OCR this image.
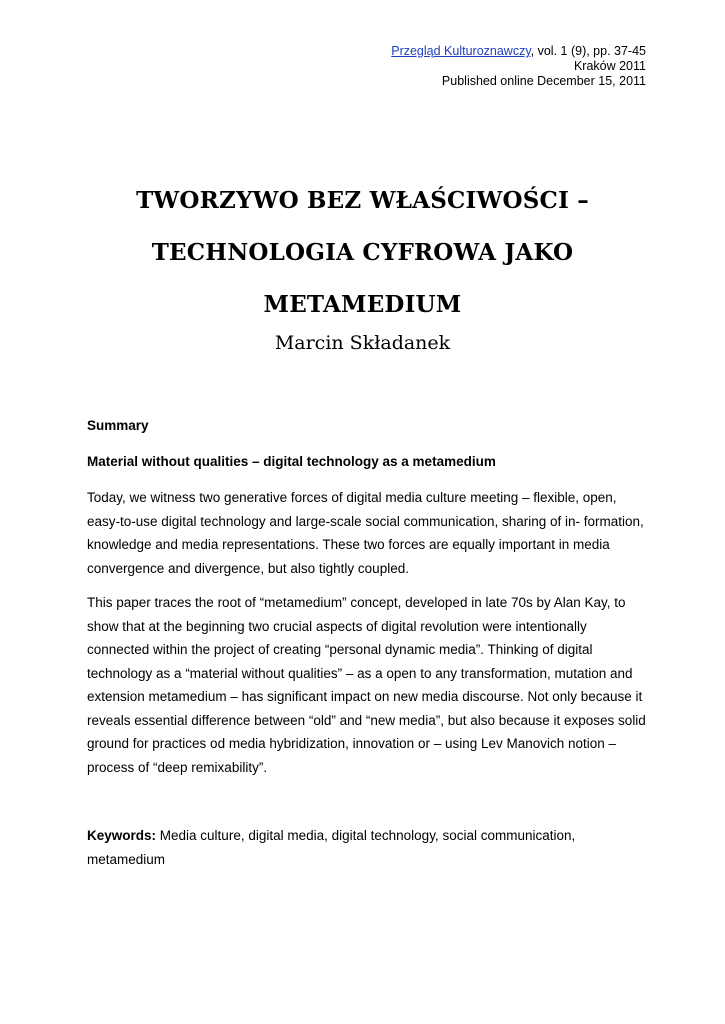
Przegląd Kulturoznawczy, vol. 1 (9), pp. 37-45
Kraków 2011
Published online December 15, 2011
TWORZYWO BEZ WŁAŚCIWOŚCI –
TECHNOLOGIA CYFROWA JAKO
METAMEDIUM
Marcin Składanek
Summary
Material without qualities – digital technology as a metamedium
Today, we witness two generative forces of digital media culture meeting – flexible, open,
easy-to-use digital technology and large-scale social communication, sharing of in- formation,
knowledge and media representations. These two forces are equally important in media
convergence and divergence, but also tightly coupled.
This paper traces the root of “metamedium” concept, developed in late 70s by Alan Kay, to
show that at the beginning two crucial aspects of digital revolution were intentionally
connected within the project of creating “personal dynamic media”. Thinking of digital
technology as a “material without qualities” – as a open to any transformation, mutation and
extension metamedium – has significant impact on new media discourse. Not only because it
reveals essential difference between “old” and “new media”, but also because it exposes solid
ground for practices od media hybridization, innovation or – using Lev Manovich notion –
process of “deep remixability”.
Keywords: Media culture, digital media, digital technology, social communication,
metamedium
